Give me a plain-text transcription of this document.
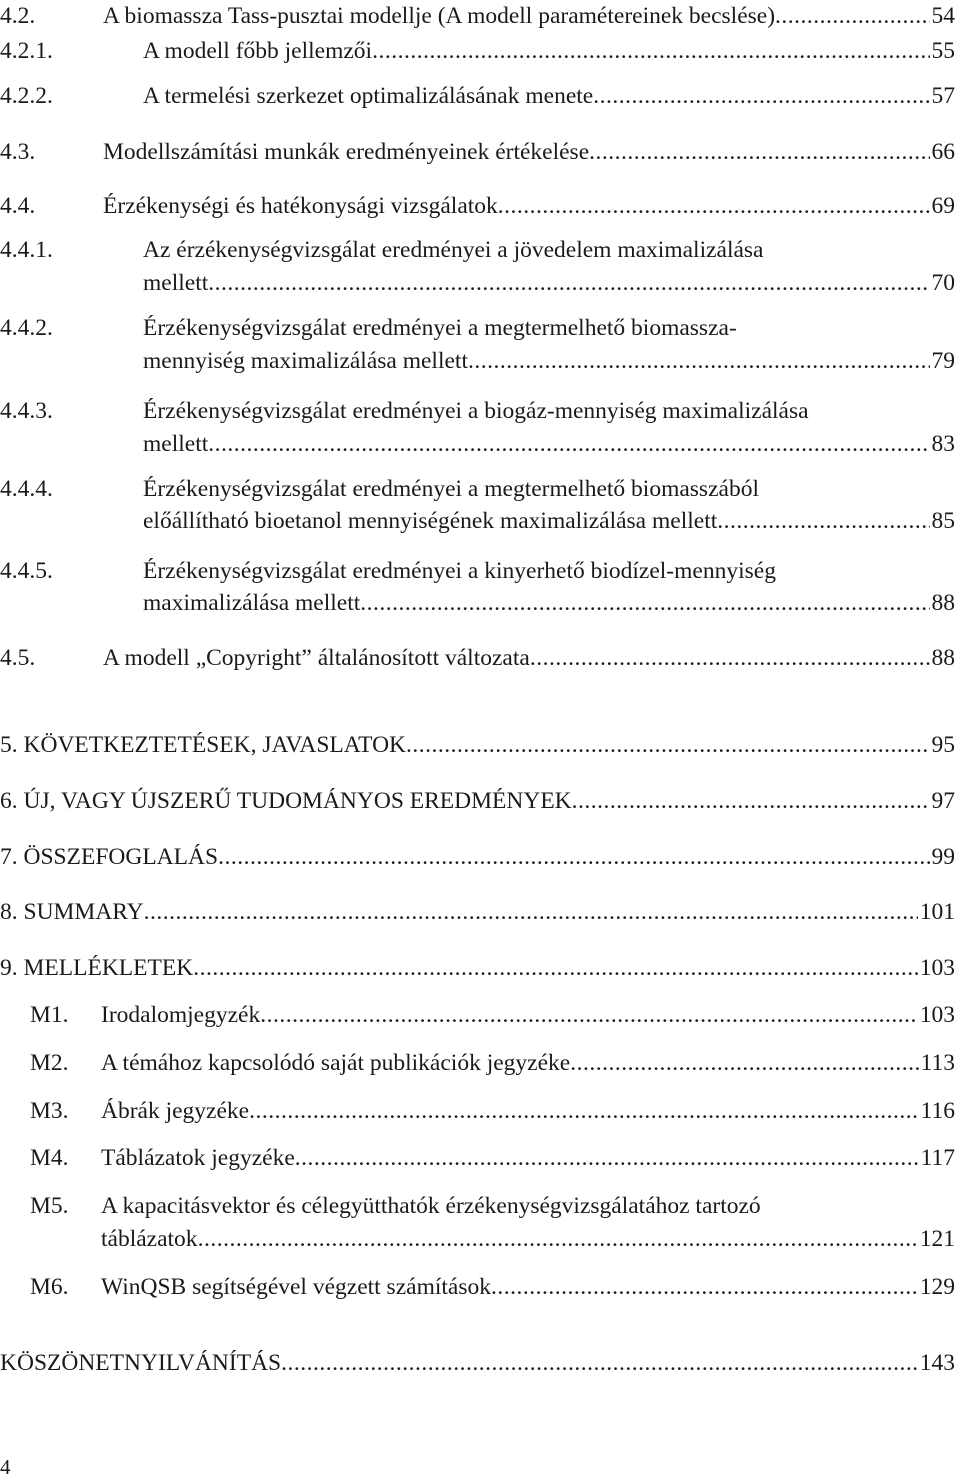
4.2.	A biomassza Tass-pusztai modellje (A modell paramétereinek becslése) .....	54
4.2.1.	A modell főbb jellemzői .....	55
4.2.2.	A termelési szerkezet optimalizálásának menete .....	57
4.3.	Modellszámítási munkák eredményeinek értékelése .....	66
4.4.	Érzékenységi és hatékonysági vizsgálatok .....	69
4.4.1.	Az érzékenységvizsgálat eredményei a jövedelem maximalizálása
mellett .....	70
4.4.2.	Érzékenységvizsgálat eredményei a megtermelhető biomassza-
mennyiség maximalizálása mellett .....	79
4.4.3.	Érzékenységvizsgálat eredményei a biogáz-mennyiség maximalizálása
mellett .....	83
4.4.4.	Érzékenységvizsgálat eredményei a megtermelhető biomasszából
előállítható bioetanol mennyiségének maximalizálása mellett .....	85
4.4.5.	Érzékenységvizsgálat eredményei a kinyerhető biodízel-mennyiség
maximalizálása mellett .....	88
4.5.	A modell „Copyright” általánosított változata .....	88
5. KÖVETKEZTETÉSEK, JAVASLATOK .....	95
6. ÚJ, VAGY ÚJSZERŰ TUDOMÁNYOS EREDMÉNYEK .....	97
7. ÖSSZEFOGLALÁS .....	99
8. SUMMARY .....	101
9. MELLÉKLETEK .....	103
M1. Irodalomjegyzék .....	103
M2. A témához kapcsolódó saját publikációk jegyzéke .....	113
M3. Ábrák jegyzéke .....	116
M4. Táblázatok jegyzéke .....	117
M5. A kapacitásvektor és célegyütthatók érzékenységvizsgálatához tartozó
táblázatok .....	121
M6. WinQSB segítségével végzett számítások .....	129
KÖSZÖNETNYILVÁNÍTÁS .....	143
4
